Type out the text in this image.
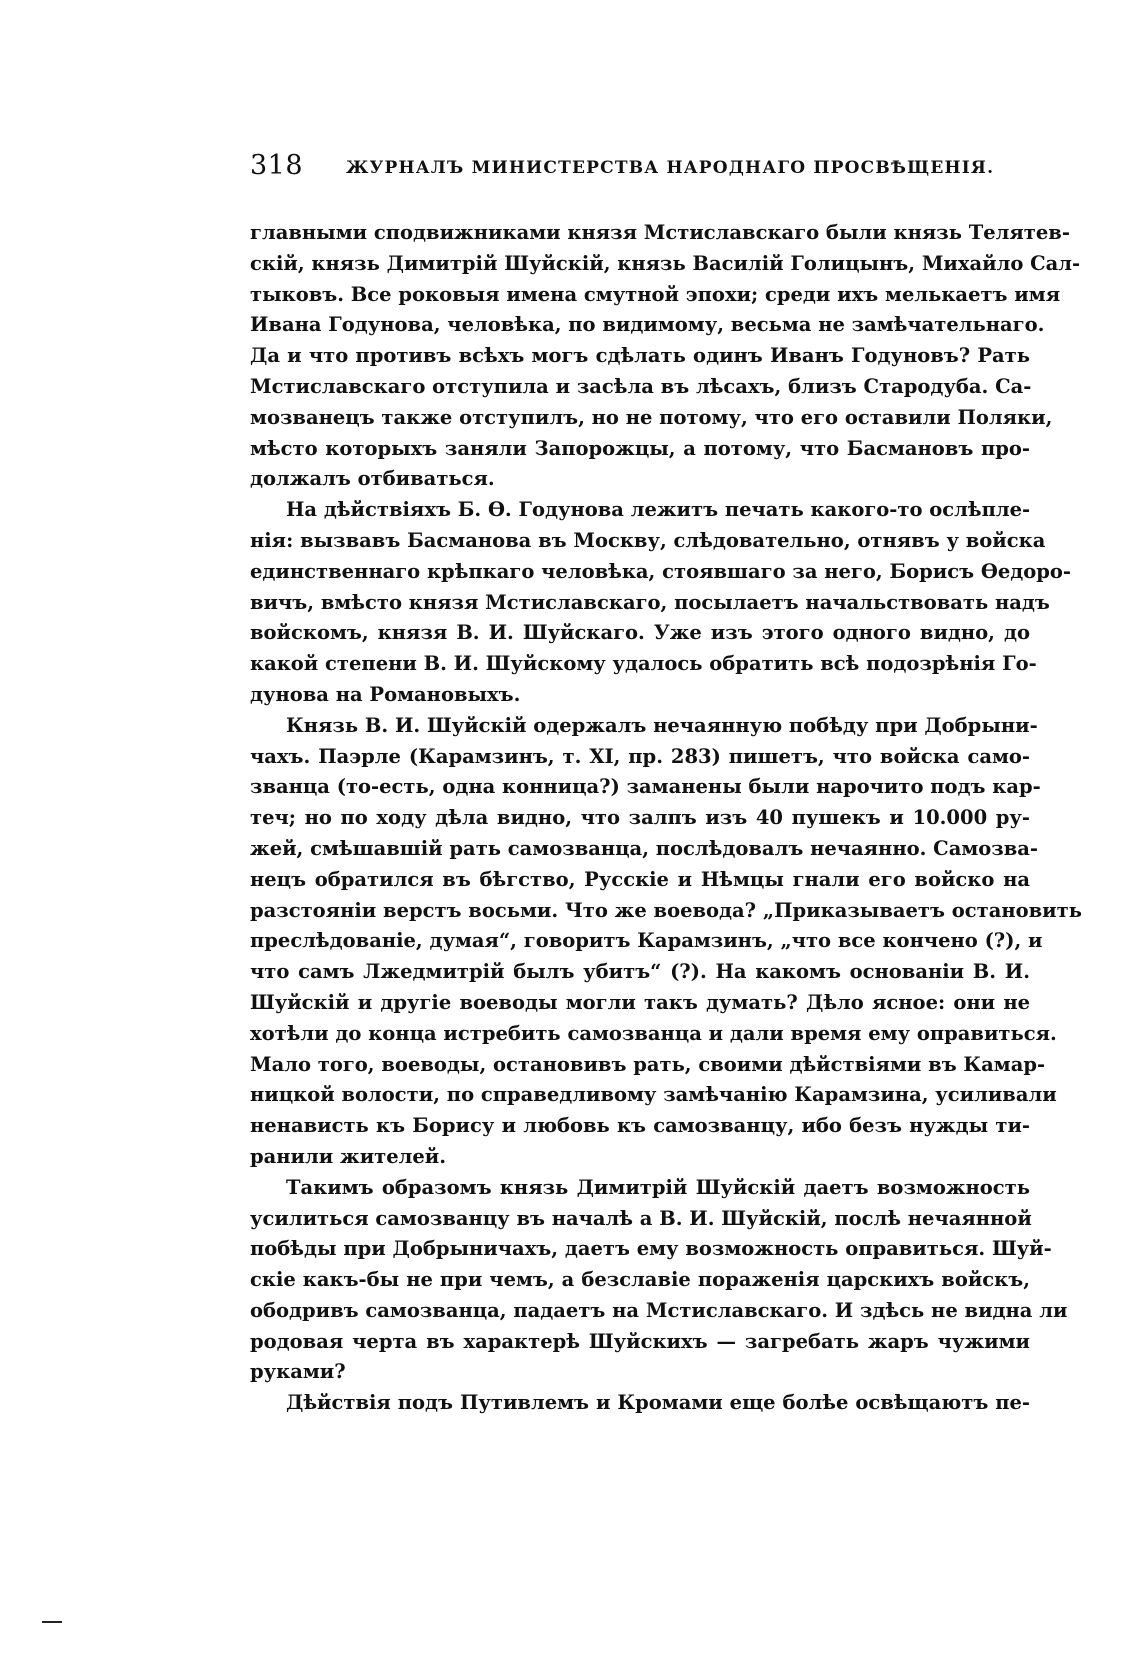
318	ЖУРНАЛЪ МИНИСТЕРСТВА НАРОДНАГО ПРОСВѢЩЕНІЯ.
главными сподвижниками князя Мстиславскаго были князь Телятев-
скій, князь Димитрій Шуйскій, князь Василій Голицынъ, Михайло Сал-
тыковъ. Все роковыя имена смутной эпохи; среди ихъ мелькаетъ имя
Ивана Годунова, человѣка, по видимому, весьма не замѣчательнаго.
Да и что противъ всѣхъ могъ сдѣлать одинъ Иванъ Годуновъ? Рать
Мстиславскаго отступила и засѣла въ лѣсахъ, близъ Стародуба. Са-
мозванецъ также отступилъ, но не потому, что его оставили Поляки,
мѣсто которыхъ заняли Запорожцы, а потому, что Басмановъ про-
должалъ отбиваться.
На дѣйствіяхъ Б. Ѳ. Годунова лежитъ печать какого-то ослѣпле-
нія: вызвавъ Басманова въ Москву, слѣдовательно, отнявъ у войска
единственнаго крѣпкаго человѣка, стоявшаго за него, Борисъ Ѳедоро-
вичъ, вмѣсто князя Мстиславскаго, посылаетъ начальствовать надъ
войскомъ, князя В. И. Шуйскаго. Уже изъ этого одного видно, до
какой степени В. И. Шуйскому удалось обратить всѣ подозрѣнія Го-
дунова на Романовыхъ.
Князь В. И. Шуйскій одержалъ нечаянную побѣду при Добрыни-
чахъ. Паэрле (Карамзинъ, т. XI, пр. 283) пишетъ, что войска само-
званца (то-есть, одна конница?) заманены были нарочито подъ кар-
теч; но по ходу дѣла видно, что залпъ изъ 40 пушекъ и 10.000 ру-
жей, смѣшавшій рать самозванца, послѣдовалъ нечаянно. Самозва-
нецъ обратился въ бѣгство, Русскіе и Нѣмцы гнали его войско на
разстояніи верстъ восьми. Что же воевода? „Приказываетъ остановить
преслѣдованіе, думая“, говоритъ Карамзинъ, „что все кончено (?), и
что самъ Лжедмитрій былъ убитъ“ (?). На какомъ основаніи В. И.
Шуйскій и другіе воеводы могли такъ думать? Дѣло ясное: они не
хотѣли до конца истребить самозванца и дали время ему оправиться.
Мало того, воеводы, остановивъ рать, своими дѣйствіями въ Камар-
ницкой волости, по справедливому замѣчанію Карамзина, усиливали
ненависть къ Борису и любовь къ самозванцу, ибо безъ нужды ти-
ранили жителей.
Такимъ образомъ князь Димитрій Шуйскій даетъ возможность
усилиться самозванцу въ началѣ а В. И. Шуйскій, послѣ нечаянной
побѣды при Добрыничахъ, даетъ ему возможность оправиться. Шуй-
скіе какъ-бы не при чемъ, а безславіе пораженія царскихъ войскъ,
ободривъ самозванца, падаетъ на Мстиславскаго. И здѣсь не видна ли
родовая черта въ характерѣ Шуйскихъ — загребать жаръ чужими
руками?
Дѣйствія подъ Путивлемъ и Кромами еще болѣе освѣщаютъ пе-
